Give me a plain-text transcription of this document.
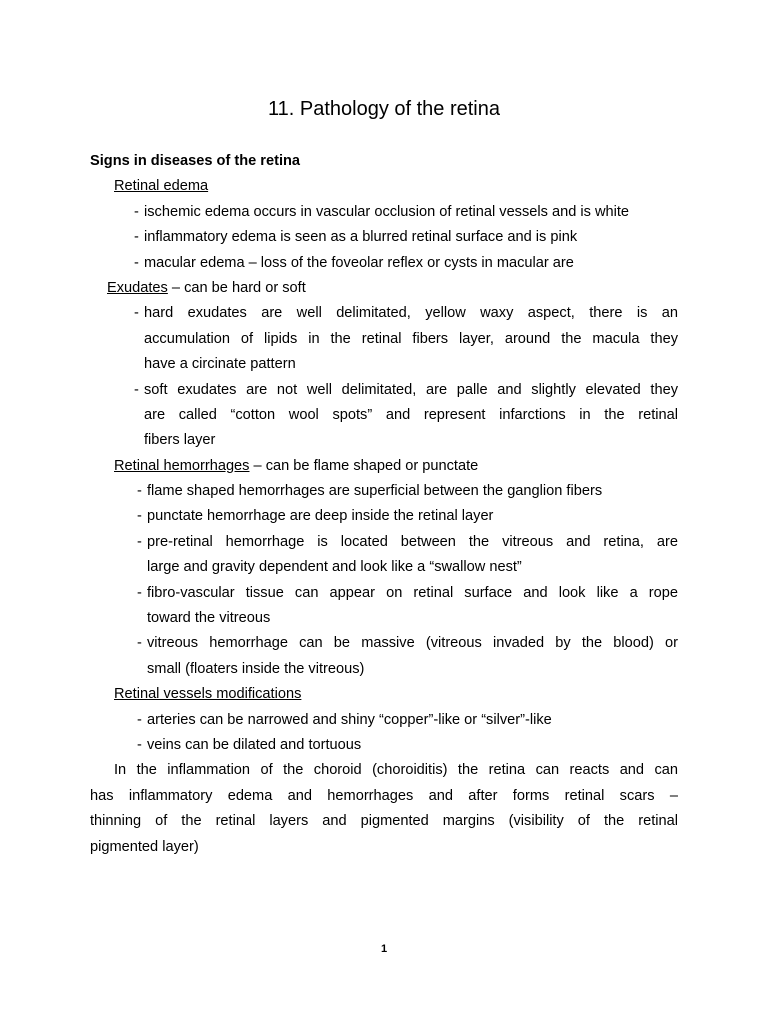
11. Pathology of the retina
Signs in diseases of the retina
Retinal edema
- ischemic edema occurs in vascular occlusion of retinal vessels and is white

- inflammatory edema is seen as a blurred retinal surface and is pink

- macular edema – loss of the foveolar reflex or cysts in macular are

Exudates – can be hard or soft
- hard exudates are well delimitated, yellow waxy aspect, there is an

accumulation of lipids in the retinal fibers layer, around the macula they

have a circinate pattern

- soft exudates are not well delimitated, are palle and slightly elevated they

are called “cotton wool spots” and represent infarctions in the retinal

fibers layer

Retinal hemorrhages – can be flame shaped or punctate
- flame shaped hemorrhages are superficial between the ganglion fibers

- punctate hemorrhage are deep inside the retinal layer

- pre-retinal hemorrhage is located between the vitreous and retina, are

large and gravity dependent and look like a “swallow nest”

- fibro-vascular tissue can appear on retinal surface and look like a rope

toward the vitreous

- vitreous hemorrhage can be massive (vitreous invaded by the blood) or

small (floaters inside the vitreous)

Retinal vessels modifications
- arteries can be narrowed and shiny “copper”-like or “silver”-like

- veins can be dilated and tortuous

In the inflammation of the choroid (choroiditis) the retina can reacts and can

has inflammatory edema and hemorrhages and after forms retinal scars –

thinning of the retinal layers and pigmented margins (visibility of the retinal

pigmented layer)

1
